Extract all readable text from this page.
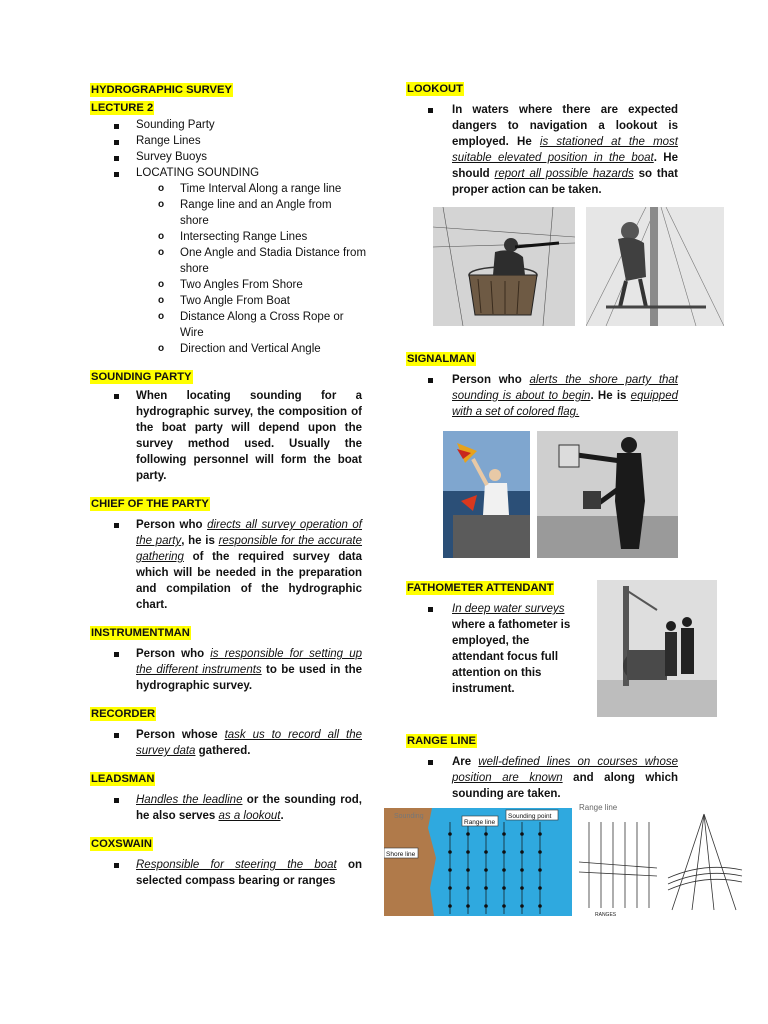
HYDROGRAPHIC SURVEY
LECTURE 2
Sounding Party
Range Lines
Survey Buoys
LOCATING SOUNDING
o Time Interval Along a range line
o Range line and an Angle from shore
o Intersecting Range Lines
o One Angle and Stadia Distance from shore
o Two Angles From Shore
o Two Angle From Boat
o Distance Along a Cross Rope or Wire
o Direction and Vertical Angle
SOUNDING PARTY
When locating sounding for a hydrographic survey, the composition of the boat party will depend upon the survey method used. Usually the following personnel will form the boat party.
CHIEF OF THE PARTY
Person who directs all survey operation of the party, he is responsible for the accurate gathering of the required survey data which will be needed in the preparation and compilation of the hydrographic chart.
INSTRUMENTMAN
Person who is responsible for setting up the different instruments to be used in the hydrographic survey.
RECORDER
Person whose task us to record all the survey data gathered.
LEADSMAN
Handles the leadline or the sounding rod, he also serves as a lookout.
COXSWAIN
Responsible for steering the boat on selected compass bearing or ranges
LOOKOUT
In waters where there are expected dangers to navigation a lookout is employed. He is stationed at the most suitable elevated position in the boat. He should report all possible hazards so that proper action can be taken.
SIGNALMAN
Person who alerts the shore party that sounding is about to begin. He is equipped with a set of colored flag.
FATHOMETER ATTENDANT
In deep water surveys where a fathometer is employed, the attendant focus full attention on this instrument.
RANGE LINE
Are well-defined lines on courses whose position are known and along which sounding are taken.
Sounding
Range line
Sounding point
Shore line
Range line
RANGES
